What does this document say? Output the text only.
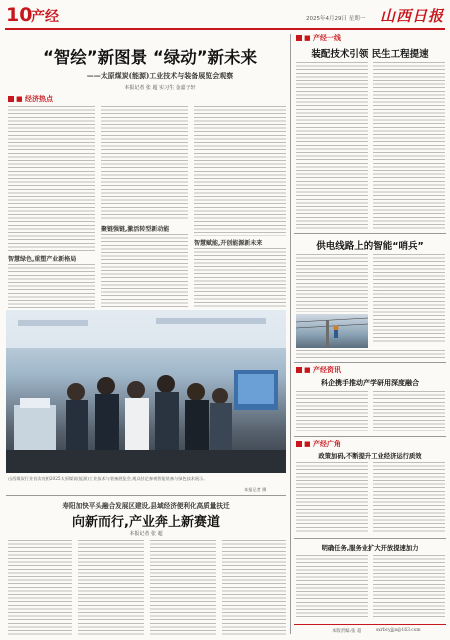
10
产经	2025年4月29日 星期一 山西日报
“智绘”新图景 “绿动”新未来
——太原煤炭(能源)工业技术与装备展览会观察
本报记者 张 超 实习生 金嘉子轩
■ 经济热点
智慧绿色,重塑产业新格局
聚链强链,激活转型新动能
智慧赋能,开创能源新未来
山西煤炭行业首次亮相2025太原煤炭(能源)工业技术与装备展览会,观众驻足参观智能装备与绿色技术展示。
本报记者 摄
寿阳加快平头融合发展区建设,县域经济便利化高质量扶迁
向新而行,产业奔上新赛道
本报记者 张 超
■ 产经一线
装配技术引领 民生工程提速
供电线路上的智能“哨兵”
■ 产经资讯
科企携手推动产学研用深度融合
■ 产经广角
政策加码,不断提升工业经济运行质效
明确任务,服务业扩大开放提速加力
本版责编:张 超	sxrbcyjjjx@163.com
